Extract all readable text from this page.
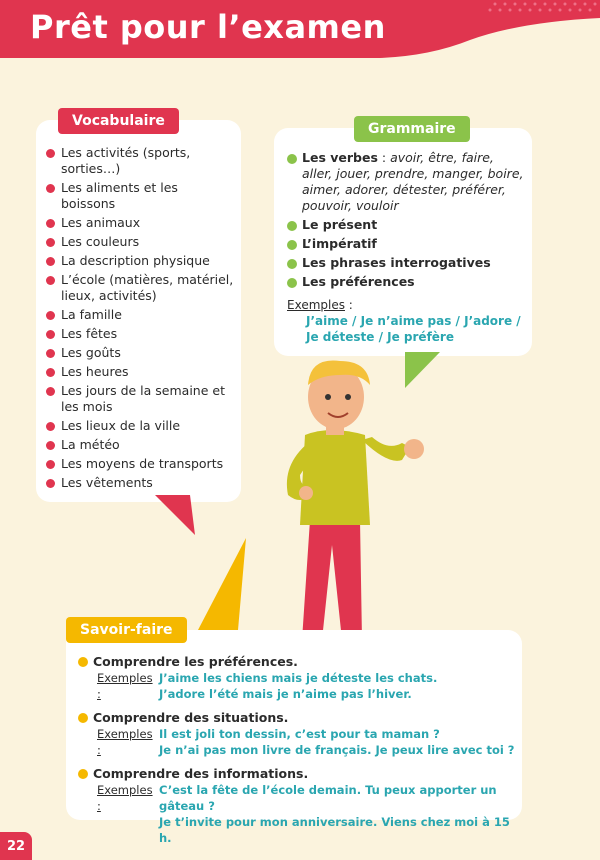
Prêt pour l’examen
Vocabulaire
Les activités (sports, sorties…)
Les aliments et les boissons
Les animaux
Les couleurs
La description physique
L’école (matières, matériel, lieux, activités)
La famille
Les fêtes
Les goûts
Les heures
Les jours de la semaine et les mois
Les lieux de la ville
La météo
Les moyens de transports
Les vêtements
Grammaire
Les verbes : avoir, être, faire, aller, jouer, prendre, manger, boire, aimer, adorer, détester, préférer, pouvoir, vouloir
Le présent
L’impératif
Les phrases interrogatives
Les préférences
Exemples :
J’aime / Je n’aime pas / J’adore /
Je déteste / Je préfère
Savoir-faire
Comprendre les préférences.
Exemples :
J’aime les chiens mais je déteste les chats.
J’adore l’été mais je n’aime pas l’hiver.
Comprendre des situations.
Exemples :
Il est joli ton dessin, c’est pour ta maman ?
Je n’ai pas mon livre de français. Je peux lire avec toi ?
Comprendre des informations.
Exemples :
C’est la fête de l’école demain. Tu peux apporter un gâteau ?
Je t’invite pour mon anniversaire. Viens chez moi à 15 h.
22
